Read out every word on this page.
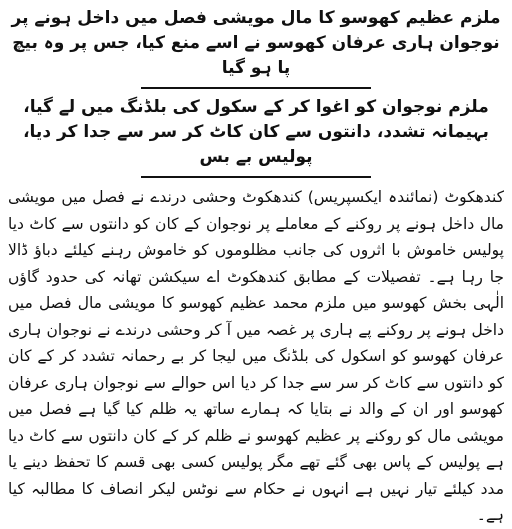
ملزم عظیم کھوسو کا مال مویشی فصل میں داخل ہونے پر نوجوان ہاری عرفان کھوسو نے اسے منع کیا، جس پر وہ بیچ پا ہو گیا

ملزم نوجوان کو اغوا کر کے سکول کی بلڈنگ میں لے گیا، بہیمانہ تشدد، دانتوں سے کان کاٹ کر سر سے جدا کر دیا، پولیس بے بس

کندھکوٹ (نمائندہ ایکسپریس) کندھکوٹ وحشی درندے نے فصل میں مویشی مال داخل ہونے پر روکنے کے معاملے پر نوجوان کے کان کو دانتوں سے کاٹ دیا پولیس خاموش با اثروں کی جانب مظلوموں کو خاموش رہنے کیلئے دباؤ ڈالا جا رہا ہے۔ تفصیلات کے مطابق کندھکوٹ اے سیکشن تھانہ کی حدود گاؤں الٰہی بخش کھوسو میں ملزم محمد عظیم کھوسو کا مویشی مال فصل میں داخل ہونے پر روکنے پے ہاری پر غصہ میں آ کر وحشی درندے نے نوجوان ہاری عرفان کھوسو کو اسکول کی بلڈنگ میں لیجا کر بے رحمانہ تشدد کر کے کان کو دانتوں سے کاٹ کر سر سے جدا کر دیا اس حوالے سے نوجوان ہاری عرفان کھوسو اور ان کے والد نے بتایا کہ ہمارے ساتھ یہ ظلم کیا گیا ہے فصل میں مویشی مال کو روکنے پر عظیم کھوسو نے ظلم کر کے کان دانتوں سے کاٹ دیا ہے پولیس کے پاس بھی گئے تھے مگر پولیس کسی بھی قسم کا تحفظ دینے یا مدد کیلئے تیار نہیں ہے انہوں نے حکام سے نوٹس لیکر انصاف کا مطالبہ کیا ہے۔
